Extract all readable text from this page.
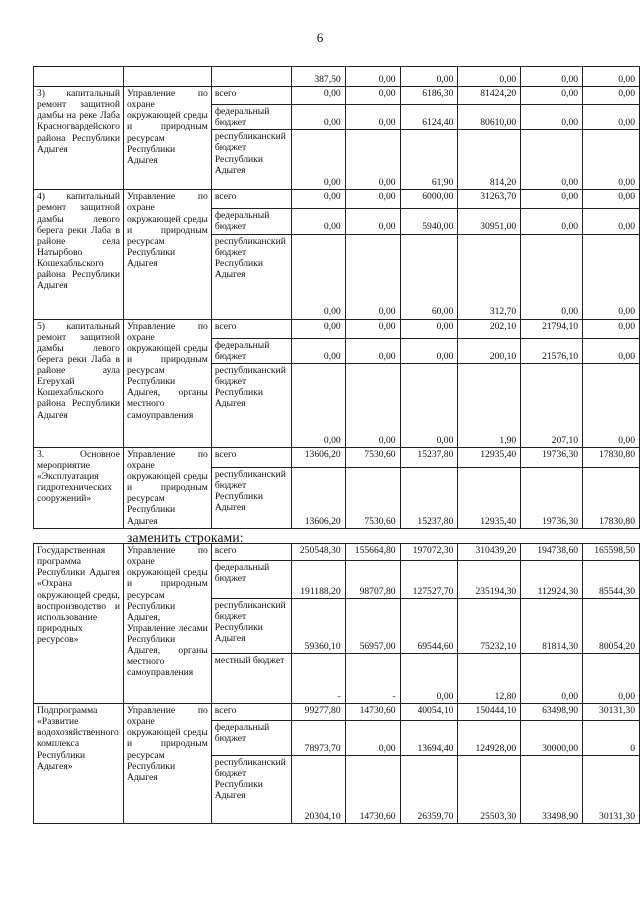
6
			387,50	0,00	0,00	0,00	0,00	0,00
3) капитальный ремонт защитной дамбы на реке Лаба Красногвардейского района Республики Адыгея	Управление по охране окружающей среды и природным ресурсам Республики Адыгея	всего	0,00	0,00	6186,30	81424,20	0,00	0,00
		федеральный бюджет	0,00	0,00	6124,40	80610,00	0,00	0,00
		республиканский бюджет Республики Адыгея	0,00	0,00	61,90	814,20	0,00	0,00
4) капитальный ремонт защитной дамбы левого берега реки Лаба в районе села Натырбово Кошехабльского района Республики Адыгея	Управление по охране окружающей среды и природным ресурсам Республики Адыгея	всего	0,00	0,00	6000,00	31263,70	0,00	0,00
		федеральный бюджет	0,00	0,00	5940,00	30951,00	0,00	0,00
		республиканский бюджет Республики Адыгея	0,00	0,00	60,00	312,70	0,00	0,00
5) капитальный ремонт защитной дамбы левого берега реки Лаба в районе аула Егерухай Кошехабльского района Республики Адыгея	Управление по охране окружающей среды и природным ресурсам Республики Адыгея, органы местного самоуправления	всего	0,00	0,00	0,00	202,10	21794,10	0,00
		федеральный бюджет	0,00	0,00	0,00	200,10	21576,10	0,00
		республиканский бюджет Республики Адыгея	0,00	0,00	0,00	1,90	207,10	0,00
3. Основное мероприятие «Эксплуатация гидротехнических сооружений»	Управление по охране окружающей среды и природным ресурсам Республики Адыгея	всего	13606,20	7530,60	15237,80	12935,40	19736,30	17830,80
		республиканский бюджет Республики Адыгея	13606,20	7530,60	15237,80	12935,40	19736,30	17830,80
заменить строками:
Государственная программа Республики Адыгея «Охрана окружающей среды, воспроизводство и использование природных ресурсов»	Управление по охране окружающей среды и природным ресурсам Республики Адыгея, Управление лесами Республики Адыгея, органы местного самоуправления	всего	250548,30	155664,80	197072,30	310439,20	194738,60	165598,50
		федеральный бюджет	191188,20	98707,80	127527,70	235194,30	112924,30	85544,30
		республиканский бюджет Республики Адыгея	59360,10	56957,00	69544,60	75232,10	81814,30	80054,20
		местный бюджет	-	-	0,00	12,80	0,00	0,00
Подпрограмма «Развитие водохозяйственного комплекса Республики Адыгея»	Управление по охране окружающей среды и природным ресурсам Республики Адыгея	всего	99277,80	14730,60	40054,10	150444,10	63498,90	30131,30
		федеральный бюджет	78973,70	0,00	13694,40	124928,00	30000,00	0
		республиканский бюджет Республики Адыгея	20304,10	14730,60	26359,70	25503,30	33498,90	30131,30
